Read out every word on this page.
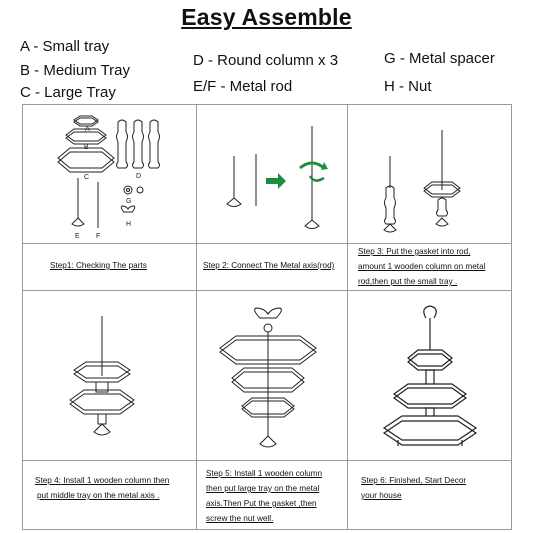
Easy Assemble
A - Small tray
B - Medium Tray
C - Large Tray
D - Round column x 3
E/F - Metal rod
G - Metal spacer
H - Nut
A
B
C	D
G
H
E F
Step1: Checking The parts	Step 2: Connect The Metal axis(rod)
Step 3: Put the gasket into rod,
amount 1 wooden column on metal
rod,then put the small tray .
Step 4: Install 1 wooden column then
put middle tray on the metal axis .
Step 5: Install 1 wooden column
then put large tray on the metal
axis.Then Put the gasket ,then
screw the nut well.
Step 6: Finished, Start Decor
your house
